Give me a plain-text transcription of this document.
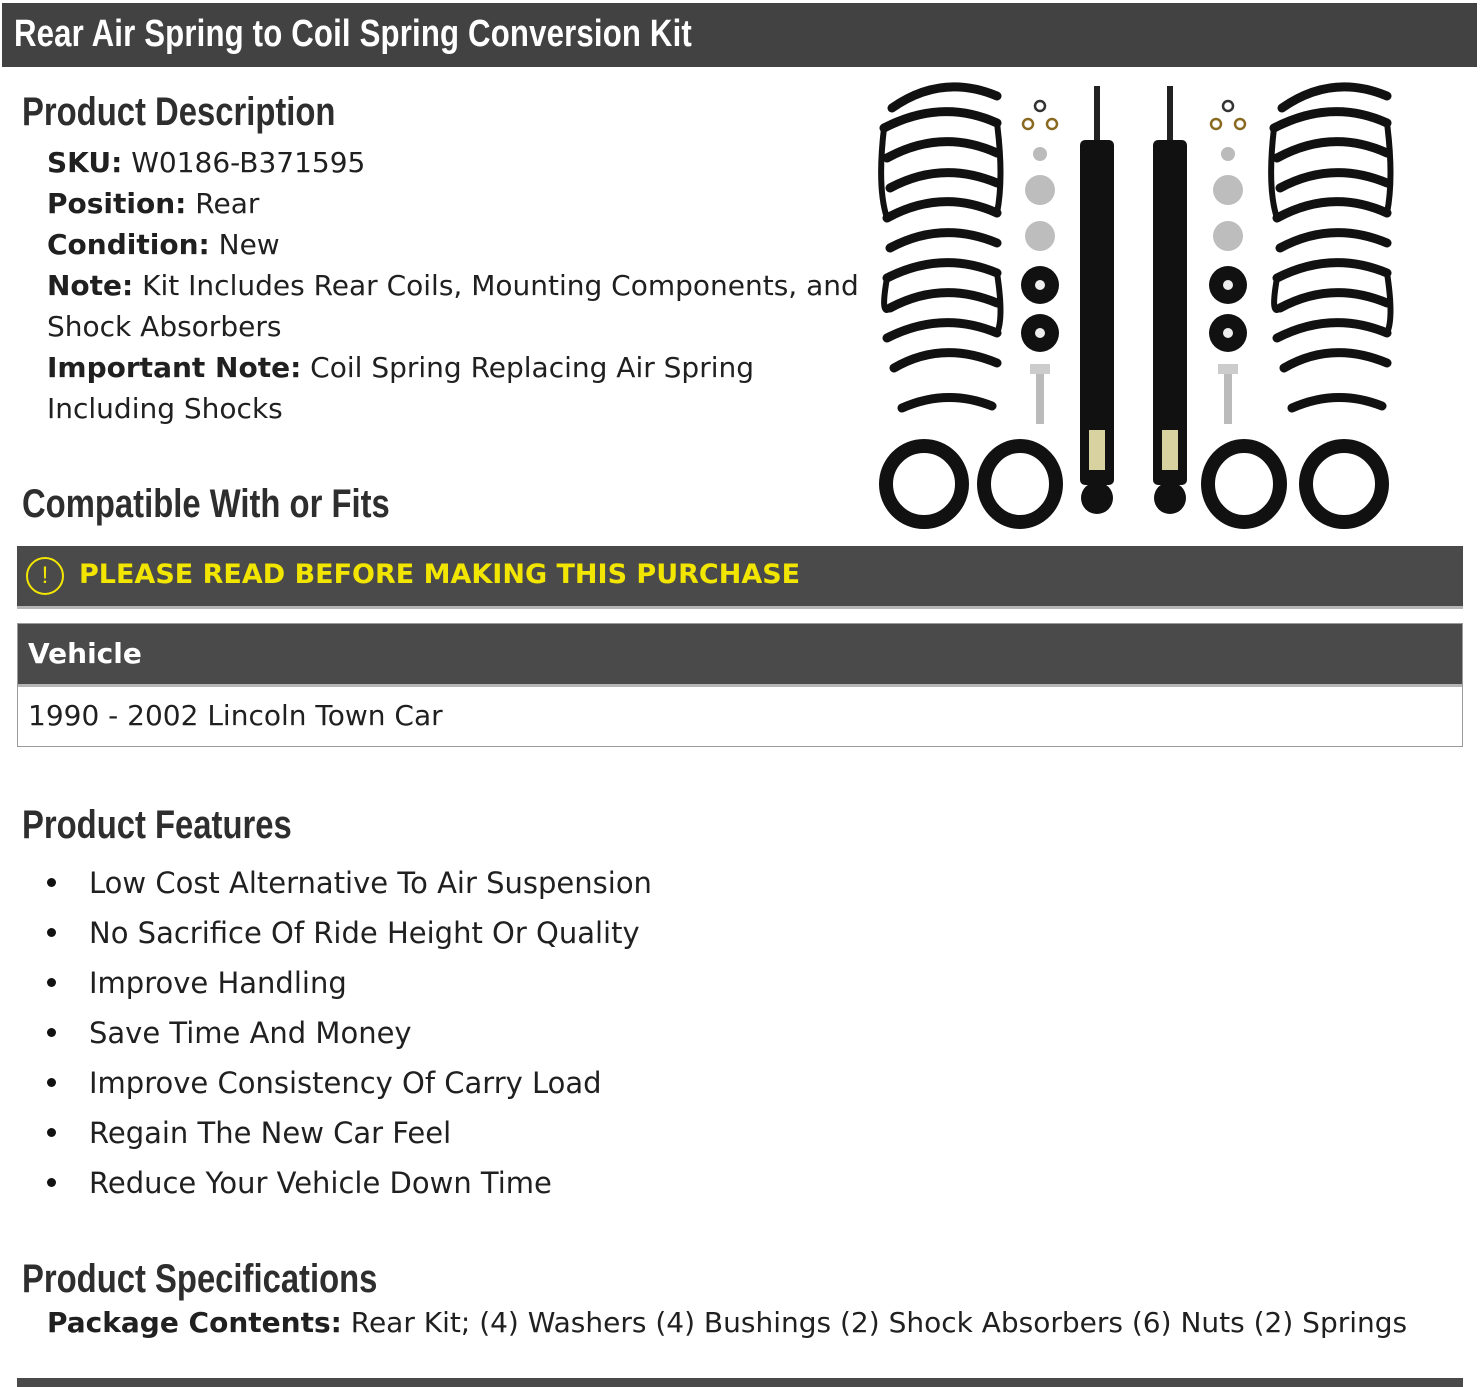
Rear Air Spring to Coil Spring Conversion Kit
Product Description
SKU: W0186-B371595
Position: Rear
Condition: New
Note: Kit Includes Rear Coils, Mounting Components, and Shock Absorbers
Important Note: Coil Spring Replacing Air Spring Including Shocks
Compatible With or Fits
!	PLEASE READ BEFORE MAKING THIS PURCHASE
Vehicle
1990 - 2002 Lincoln Town Car
Product Features
Low Cost Alternative To Air Suspension
No Sacrifice Of Ride Height Or Quality
Improve Handling
Save Time And Money
Improve Consistency Of Carry Load
Regain The New Car Feel
Reduce Your Vehicle Down Time
Product Specifications
Package Contents: Rear Kit; (4) Washers (4) Bushings (2) Shock Absorbers (6) Nuts (2) Springs
